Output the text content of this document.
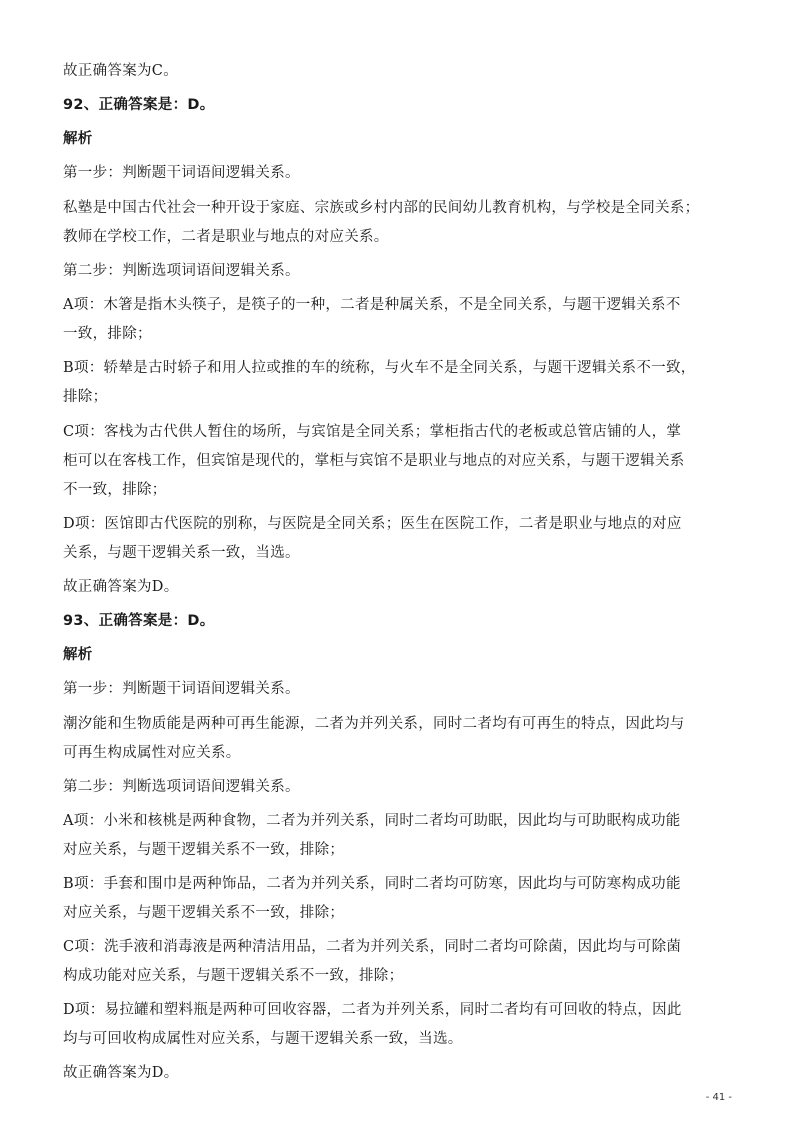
故正确答案为C。
92、正确答案是：D。
解析
第一步：判断题干词语间逻辑关系。
私塾是中国古代社会一种开设于家庭、宗族或乡村内部的民间幼儿教育机构，与学校是全同关系；
教师在学校工作，二者是职业与地点的对应关系。
第二步：判断选项词语间逻辑关系。
A项：木箸是指木头筷子，是筷子的一种，二者是种属关系，不是全同关系，与题干逻辑关系不
一致，排除；
B项：轿辇是古时轿子和用人拉或推的车的统称，与火车不是全同关系，与题干逻辑关系不一致，
排除；
C项：客栈为古代供人暂住的场所，与宾馆是全同关系；掌柜指古代的老板或总管店铺的人，掌
柜可以在客栈工作，但宾馆是现代的，掌柜与宾馆不是职业与地点的对应关系，与题干逻辑关系
不一致，排除；
D项：医馆即古代医院的别称，与医院是全同关系；医生在医院工作，二者是职业与地点的对应
关系，与题干逻辑关系一致，当选。
故正确答案为D。
93、正确答案是：D。
解析
第一步：判断题干词语间逻辑关系。
潮汐能和生物质能是两种可再生能源，二者为并列关系，同时二者均有可再生的特点，因此均与
可再生构成属性对应关系。
第二步：判断选项词语间逻辑关系。
A项：小米和核桃是两种食物，二者为并列关系，同时二者均可助眠，因此均与可助眠构成功能
对应关系，与题干逻辑关系不一致，排除；
B项：手套和围巾是两种饰品，二者为并列关系，同时二者均可防寒，因此均与可防寒构成功能
对应关系，与题干逻辑关系不一致，排除；
C项：洗手液和消毒液是两种清洁用品，二者为并列关系，同时二者均可除菌，因此均与可除菌
构成功能对应关系，与题干逻辑关系不一致，排除；
D项：易拉罐和塑料瓶是两种可回收容器，二者为并列关系，同时二者均有可回收的特点，因此
均与可回收构成属性对应关系，与题干逻辑关系一致，当选。
故正确答案为D。
- 41 -
